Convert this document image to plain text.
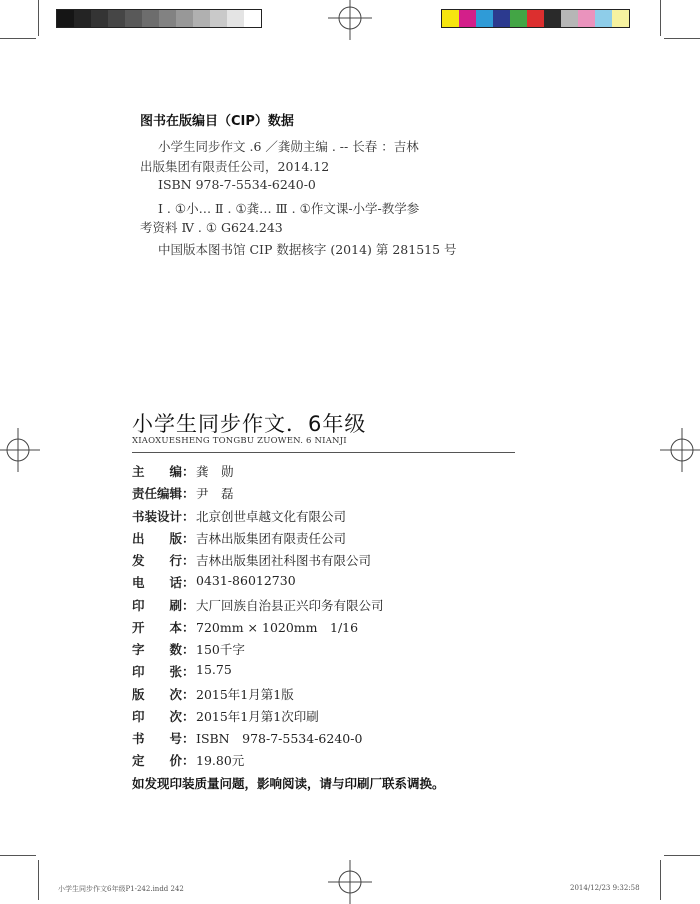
图书在版编目（CIP）数据
小学生同步作文 .6 ／龚勋主编 . -- 长春 ：吉林
出版集团有限责任公司，2014.12
ISBN 978-7-5534-6240-0
Ⅰ . ①小… Ⅱ . ①龚… Ⅲ . ①作文课-小学-教学参
考资料 Ⅳ . ① G624.243
中国版本图书馆 CIP 数据核字 (2014) 第 281515 号
小学生同步作文．6年级
XIAOXUESHENG TONGBU ZUOWEN. 6 NIANJI
主　　编： 龚　勋
责任编辑： 尹　磊
书装设计： 北京创世卓越文化有限公司
出　　版： 吉林出版集团有限责任公司
发　　行： 吉林出版集团社科图书有限公司
电　　话： 0431-86012730
印　　刷： 大厂回族自治县正兴印务有限公司
开　　本： 720mm × 1020mm　1/16
字　　数： 150千字
印　　张： 15.75
版　　次： 2015年1月第1版
印　　次： 2015年1月第1次印刷
书　　号： ISBN　978-7-5534-6240-0
定　　价： 19.80元
如发现印装质量问题，影响阅读，请与印刷厂联系调换。
小学生同步作文6年级P1-242.indd 242	2014/12/23 9:32:58
